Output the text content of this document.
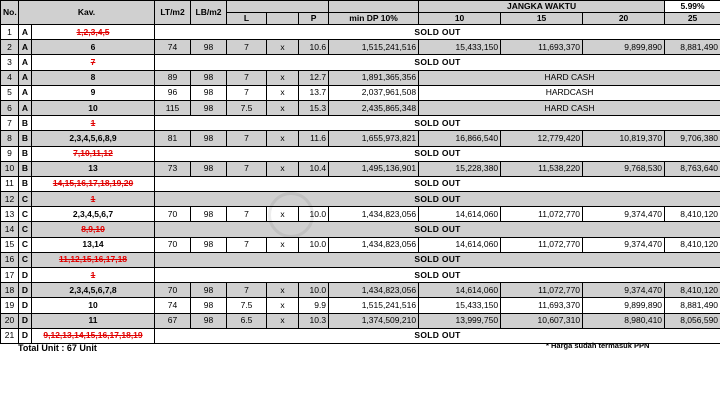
No.	Kav.		LT/m2	LB/m2					JANGKA WAKTU			5.99%
					L		P	min DP 10%	10	15	20	25
1	A	1,2,3,4,5	SOLD OUT									
2	A	6	74	98	7	x	10.6	1,515,241,516	15,433,150	11,693,370	9,899,890	8,881,490
3	A	7	SOLD OUT									
4	A	8	89	98	7	x	12.7	1,891,365,356	HARD CASH			
5	A	9	96	98	7	x	13.7	2,037,961,508	HARDCASH			
6	A	10	115	98	7.5	x	15.3	2,435,865,348	HARD CASH			
7	B	1	SOLD OUT									
8	B	2,3,4,5,6,8,9	81	98	7	x	11.6	1,655,973,821	16,866,540	12,779,420	10,819,370	9,706,380
9	B	7,10,11,12	SOLD OUT									
10	B	13	73	98	7	x	10.4	1,495,136,901	15,228,380	11,538,220	9,768,530	8,763,640
11	B	14,15,16,17,18,19,20	SOLD OUT									
12	C	1	SOLD OUT									
13	C	2,3,4,5,6,7	70	98	7	x	10.0	1,434,823,056	14,614,060	11,072,770	9,374,470	8,410,120
14	C	8,9,10	SOLD OUT									
15	C	13,14	70	98	7	x	10.0	1,434,823,056	14,614,060	11,072,770	9,374,470	8,410,120
16	C	11,12,15,16,17,18	SOLD OUT									
17	D	1	SOLD OUT									
18	D	2,3,4,5,6,7,8	70	98	7	x	10.0	1,434,823,056	14,614,060	11,072,770	9,374,470	8,410,120
19	D	10	74	98	7.5	x	9.9	1,515,241,516	15,433,150	11,693,370	9,899,890	8,881,490
20	D	11	67	98	6.5	x	10.3	1,374,509,210	13,999,750	10,607,310	8,980,410	8,056,590
21	D	9,12,13,14,15,16,17,18,19	SOLD OUT									
Total Unit : 67 Unit	* Harga sudah termasuk PPN
